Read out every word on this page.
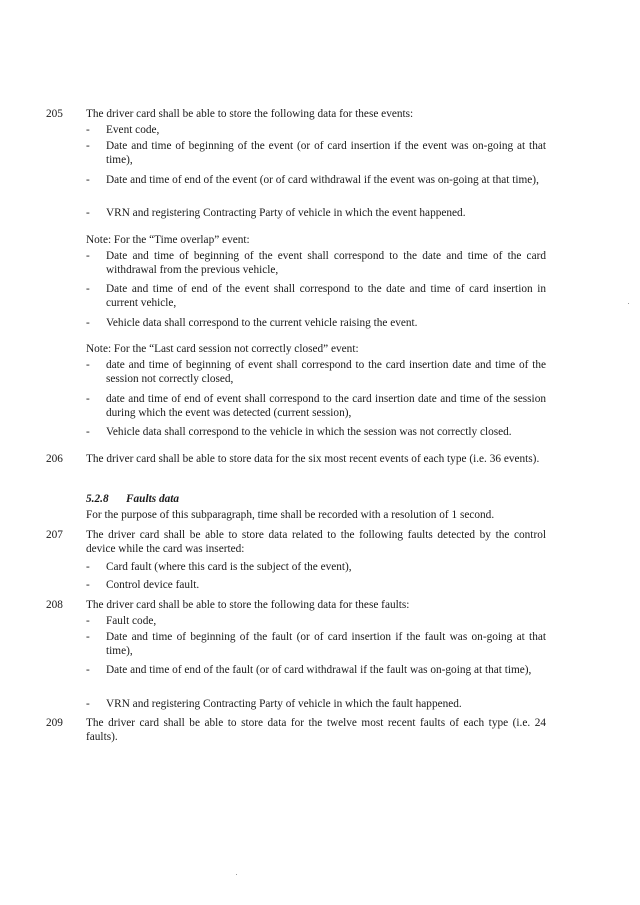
205	The driver card shall be able to store the following data for these events:
-	Event code,
-	Date and time of beginning of the event (or of card insertion if the event was on-going at that time),
-	Date and time of end of the event (or of card withdrawal if the event was on-going at that time),
-	VRN and registering Contracting Party of vehicle in which the event happened.
Note: For the “Time overlap” event:
-	Date and time of beginning of the event shall correspond to the date and time of the card withdrawal from the previous vehicle,
-	Date and time of end of the event shall correspond to the date and time of card insertion in current vehicle,
-	Vehicle data shall correspond to the current vehicle raising the event.
Note: For the “Last card session not correctly closed” event:
-	date and time of beginning of event shall correspond to the card insertion date and time of the session not correctly closed,
-	date and time of end of event shall correspond to the card insertion date and time of the session during which the event was detected (current session),
-	Vehicle data shall correspond to the vehicle in which the session was not correctly closed.
206	The driver card shall be able to store data for the six most recent events of each type (i.e. 36 events).
5.2.8 Faults data
For the purpose of this subparagraph, time shall be recorded with a resolution of 1 second.
207	The driver card shall be able to store data related to the following faults detected by the control device while the card was inserted:
-	Card fault (where this card is the subject of the event),
-	Control device fault.
208	The driver card shall be able to store the following data for these faults:
-	Fault code,
-	Date and time of beginning of the fault (or of card insertion if the fault was on-going at that time),
-	Date and time of end of the fault (or of card withdrawal if the fault was on-going at that time),
-	VRN and registering Contracting Party of vehicle in which the fault happened.
209	The driver card shall be able to store data for the twelve most recent faults of each type (i.e. 24 faults).
